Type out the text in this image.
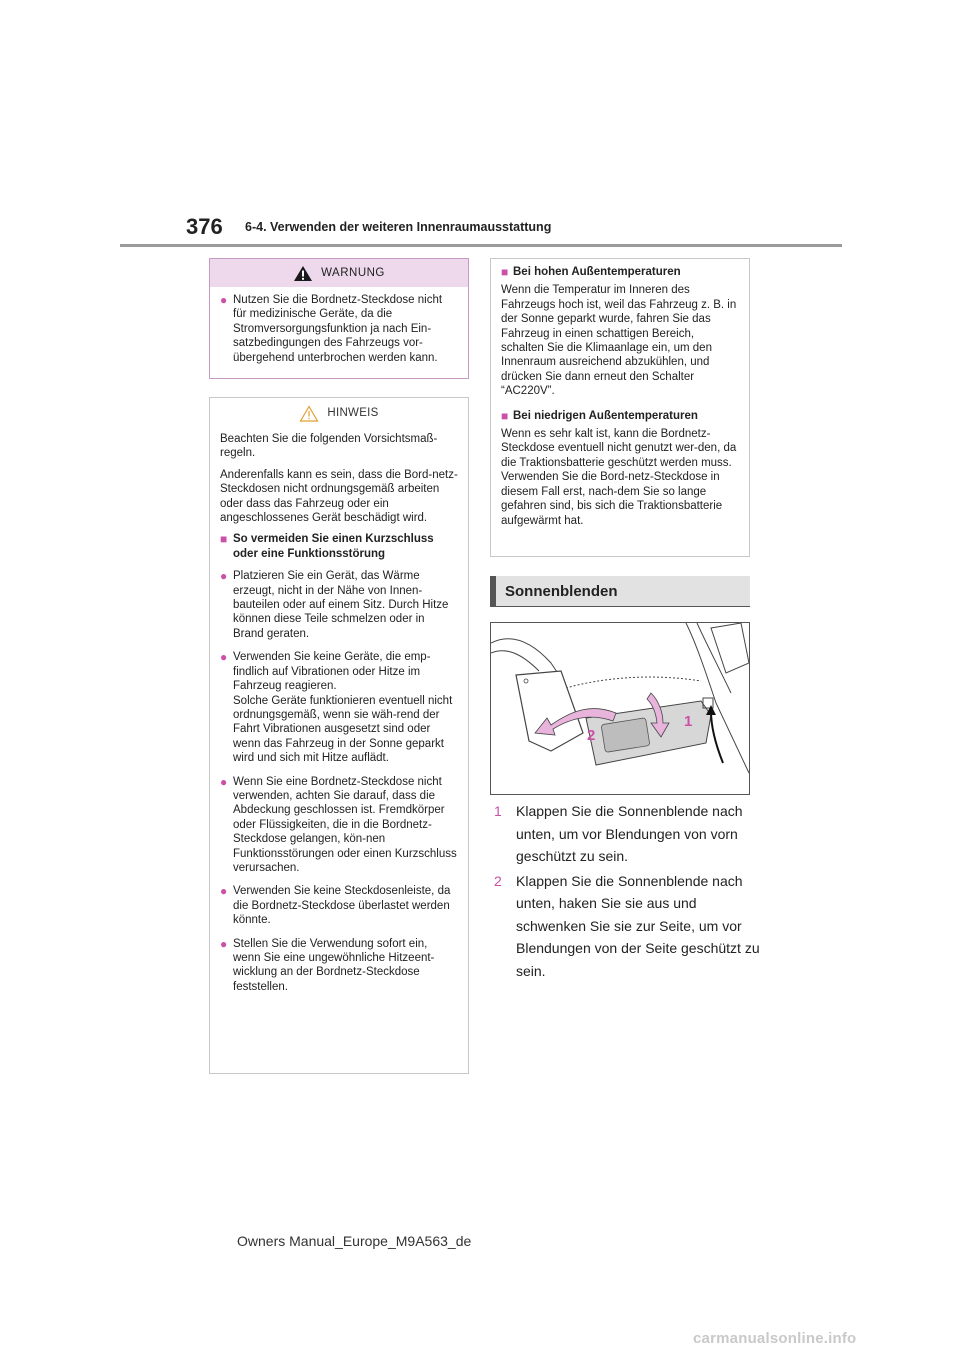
376 6-4. Verwenden der weiteren Innenraumausstattung
WARNUNG
● Nutzen Sie die Bordnetz-Steckdose nicht für medizinische Geräte, da die Stromversorgungsfunktion ja nach Ein-satzbedingungen des Fahrzeugs vor-übergehend unterbrochen werden kann.
HINWEIS

Beachten Sie die folgenden Vorsichtsmaß-regeln.

Anderenfalls kann es sein, dass die Bord-netz-Steckdosen nicht ordnungsgemäß arbeiten oder dass das Fahrzeug oder ein angeschlossenes Gerät beschädigt wird.

■ So vermeiden Sie einen Kurzschluss oder eine Funktionsstörung
● Platzieren Sie ein Gerät, das Wärme erzeugt, nicht in der Nähe von Innen-bauteilen oder auf einem Sitz. Durch Hitze können diese Teile schmelzen oder in Brand geraten.
● Verwenden Sie keine Geräte, die emp-findlich auf Vibrationen oder Hitze im Fahrzeug reagieren.
Solche Geräte funktionieren eventuell nicht ordnungsgemäß, wenn sie wäh-rend der Fahrt Vibrationen ausgesetzt sind oder wenn das Fahrzeug in der Sonne geparkt wird und sich mit Hitze auflädt.
● Wenn Sie eine Bordnetz-Steckdose nicht verwenden, achten Sie darauf, dass die Abdeckung geschlossen ist. Fremdkörper oder Flüssigkeiten, die in die Bordnetz-Steckdose gelangen, kön-nen Funktionsstörungen oder einen Kurzschluss verursachen.
● Verwenden Sie keine Steckdosenleiste, da die Bordnetz-Steckdose überlastet werden könnte.
● Stellen Sie die Verwendung sofort ein, wenn Sie eine ungewöhnliche Hitzeent-wicklung an der Bordnetz-Steckdose feststellen.
■ Bei hohen Außentemperaturen

Wenn die Temperatur im Inneren des Fahrzeugs hoch ist, weil das Fahrzeug z. B. in der Sonne geparkt wurde, fahren Sie das Fahrzeug in einen schattigen Bereich, schalten Sie die Klimaanlage ein, um den Innenraum ausreichend abzukühlen, und drücken Sie dann erneut den Schalter “AC220V”.

■ Bei niedrigen Außentemperaturen

Wenn es sehr kalt ist, kann die Bordnetz-Steckdose eventuell nicht genutzt wer-den, da die Traktionsbatterie geschützt werden muss. Verwenden Sie die Bord-netz-Steckdose in diesem Fall erst, nach-dem Sie so lange gefahren sind, bis sich die Traktionsbatterie aufgewärmt hat.

Sonnenblenden
1
2
1	Klappen Sie die Sonnenblende nach unten, um vor Blendungen von vorn geschützt zu sein.
2	Klappen Sie die Sonnenblende nach unten, haken Sie sie aus und schwenken Sie sie zur Seite, um vor Blendungen von der Seite geschützt zu sein.
Owners Manual_Europe_M9A563_de
carmanualsonline.info
